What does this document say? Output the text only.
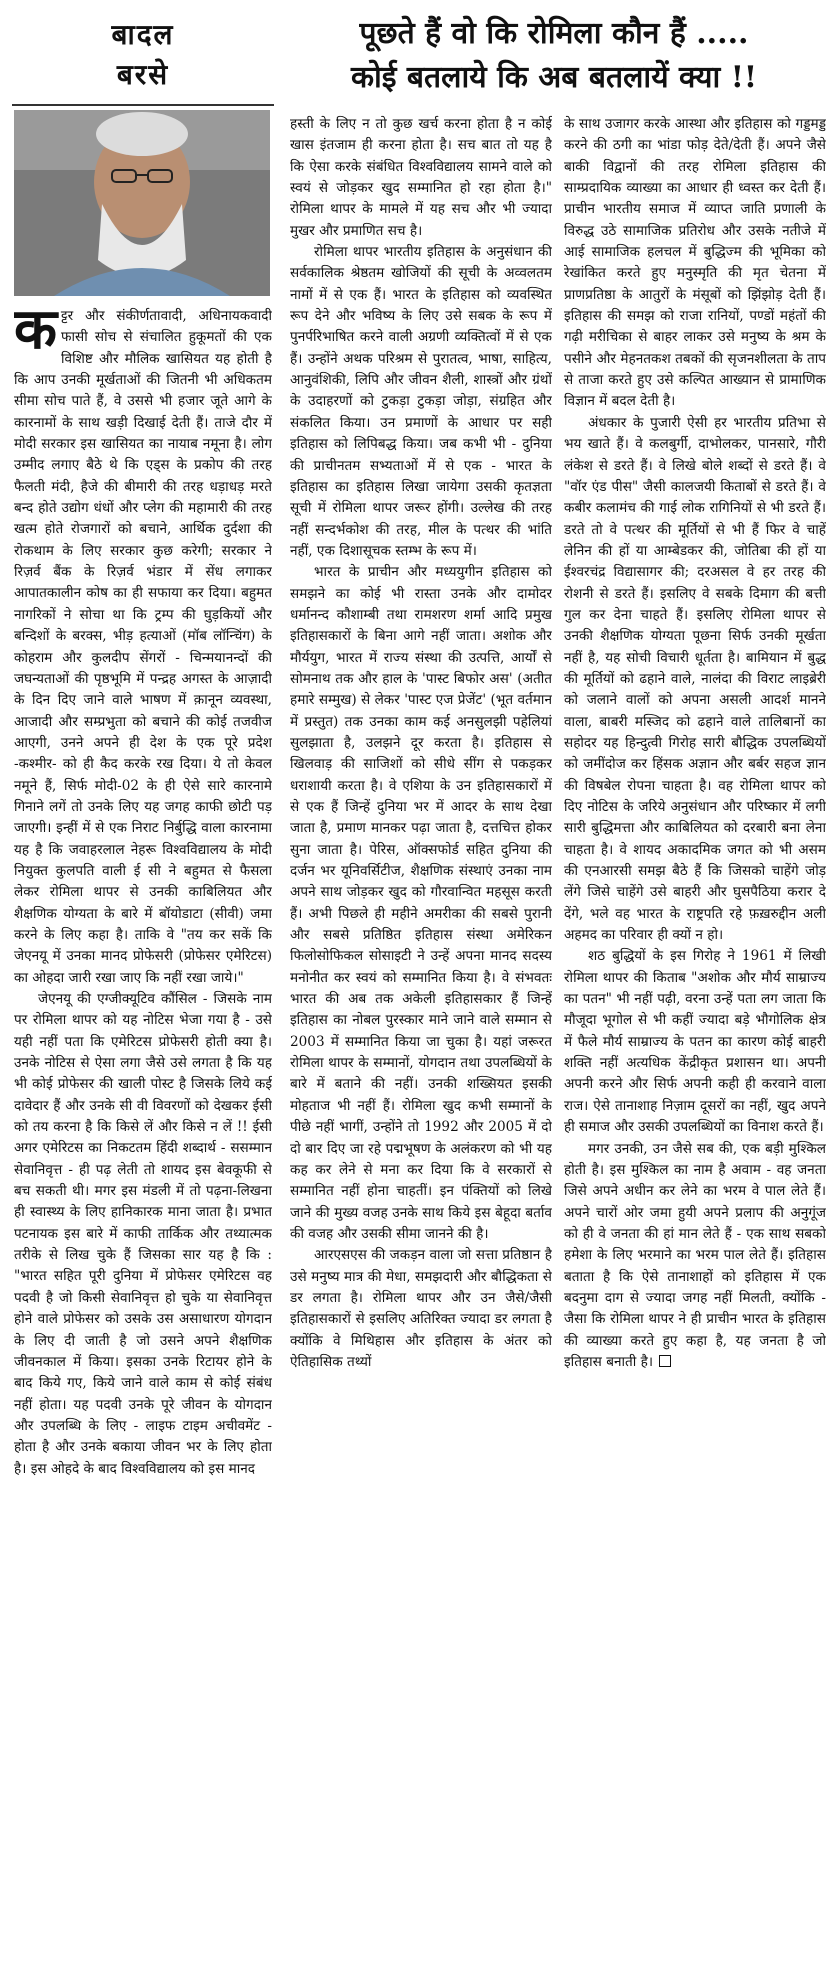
बादल
बरसे
पूछते हैं वो कि रोमिला कौन हैं .....
कोई बतलाये कि अब बतलायें क्या !!

कट्टर और संकीर्णतावादी, अधिनायकवादी फासी सोच से संचालित हुकूमतों की एक विशिष्ट और मौलिक खासियत यह होती है कि आप उनकी मूर्खताओं की जितनी भी अधिकतम सीमा सोच पाते हैं, वे उससे भी हजार जूते आगे के कारनामों के साथ खड़ी दिखाई देती हैं। ताजे दौर में मोदी सरकार इस खासियत का नायाब नमूना है। लोग उम्मीद लगाए बैठे थे कि एड्स के प्रकोप की तरह फैलती मंदी, हैजे की बीमारी की तरह धड़ाधड़ मरते बन्द होते उद्योग धंधों और प्लेग की महामारी की तरह खत्म होते रोजगारों को बचाने, आर्थिक दुर्दशा की रोकथाम के लिए सरकार कुछ करेगी; सरकार ने रिज़र्व बैंक के रिज़र्व भंडार में सेंध लगाकर आपातकालीन कोष का ही सफाया कर दिया। बहुमत नागरिकों ने सोचा था कि ट्रम्प की घुड़कियों और बन्दिशों के बरक्स, भीड़ हत्याओं (मॉब लॉन्चिंग) के कोहराम और कुलदीप सेंगरों - चिन्मयानन्दों की जघन्यताओं की पृष्ठभूमि में पन्द्रह अगस्त के आज़ादी के दिन दिए जाने वाले भाषण में क़ानून व्यवस्था, आजादी और सम्प्रभुता को बचाने की कोई तजवीज आएगी, उनने अपने ही देश के एक पूरे प्रदेश -कश्मीर- को ही कैद करके रख दिया। ये तो केवल नमूने हैं, सिर्फ मोदी-02 के ही ऐसे सारे कारनामे गिनाने लगें तो उनके लिए यह जगह काफी छोटी पड़ जाएगी। इन्हीं में से एक निराट निर्बुद्धि वाला कारनामा यह है कि जवाहरलाल नेहरू विश्वविद्यालय के मोदी नियुक्त कुलपति वाली ई सी ने बहुमत से फैसला लेकर रोमिला थापर से उनकी काबिलियत और शैक्षणिक योग्यता के बारे में बॉयोडाटा (सीवी) जमा करने के लिए कहा है। ताकि वे "तय कर सकें कि जेएनयू में उनका मानद प्रोफेसरी (प्रोफेसर एमेरिटस) का ओहदा जारी रखा जाए कि नहीं रखा जाये।"

जेएनयू की एग्जीक्यूटिव कौंसिल - जिसके नाम पर रोमिला थापर को यह नोटिस भेजा गया है - उसे यही नहीं पता कि एमेरिटस प्रोफेसरी होती क्या है। उनके नोटिस से ऐसा लगा जैसे उसे लगता है कि यह भी कोई प्रोफेसर की खाली पोस्ट है जिसके लिये कई दावेदार हैं और उनके सी वी विवरणों को देखकर ईसी को तय करना है कि किसे लें और किसे न लें !! ईसी अगर एमेरिटस का निकटतम हिंदी शब्दार्थ - ससम्मान सेवानिवृत्त - ही पढ़ लेती तो शायद इस बेवकूफी से बच सकती थी। मगर इस मंडली में तो पढ़ना-लिखना ही स्वास्थ्य के लिए हानिकारक माना जाता है। प्रभात पटनायक इस बारे में काफी तार्किक और तथ्यात्मक तरीके से लिख चुके हैं जिसका सार यह है कि : "भारत सहित पूरी दुनिया में प्रोफेसर एमेरिटस वह पदवी है जो किसी सेवानिवृत्त हो चुके या सेवानिवृत्त होने वाले प्रोफेसर को उसके उस असाधारण योगदान के लिए दी जाती है जो उसने अपने शैक्षणिक जीवनकाल में किया। इसका उनके रिटायर होने के बाद किये गए, किये जाने वाले काम से कोई संबंध नहीं होता। यह पदवी उनके पूरे जीवन के योगदान और उपलब्धि के लिए - लाइफ टाइम अचीवमेंट - होता है और उनके बकाया जीवन भर के लिए होता है। इस ओहदे के बाद विश्वविद्यालय को इस मानद

हस्ती के लिए न तो कुछ खर्च करना होता है न कोई खास इंतजाम ही करना होता है। सच बात तो यह है कि ऐसा करके संबंधित विश्वविद्यालय सामने वाले को स्वयं से जोड़कर खुद सम्मानित हो रहा होता है।" रोमिला थापर के मामले में यह सच और भी ज्यादा मुखर और प्रमाणित सच है।

रोमिला थापर भारतीय इतिहास के अनुसंधान की सर्वकालिक श्रेष्ठतम खोजियों की सूची के अव्वलतम नामों में से एक हैं। भारत के इतिहास को व्यवस्थित रूप देने और भविष्य के लिए उसे सबक के रूप में पुनर्परिभाषित करने वाली अग्रणी व्यक्तित्वों में से एक हैं। उन्होंने अथक परिश्रम से पुरातत्व, भाषा, साहित्य, आनुवंशिकी, लिपि और जीवन शैली, शास्त्रों और ग्रंथों के उदाहरणों को टुकड़ा टुकड़ा जोड़ा, संग्रहित और संकलित किया। उन प्रमाणों के आधार पर सही इतिहास को लिपिबद्ध किया। जब कभी भी - दुनिया की प्राचीनतम सभ्यताओं में से एक - भारत के इतिहास का इतिहास लिखा जायेगा उसकी कृतज्ञता सूची में रोमिला थापर जरूर होंगी। उल्लेख की तरह नहीं सन्दर्भकोश की तरह, मील के पत्थर की भांति नहीं, एक दिशासूचक स्तम्भ के रूप में।

भारत के प्राचीन और मध्ययुगीन इतिहास को समझने का कोई भी रास्ता उनके और दामोदर धर्मानन्द कौशाम्बी तथा रामशरण शर्मा आदि प्रमुख इतिहासकारों के बिना आगे नहीं जाता। अशोक और मौर्ययुग, भारत में राज्य संस्था की उत्पत्ति, आर्यों से सोमनाथ तक और हाल के 'पास्ट बिफोर अस' (अतीत हमारे सम्मुख) से लेकर 'पास्ट एज प्रेजेंट' (भूत वर्तमान में प्रस्तुत) तक उनका काम कई अनसुलझी पहेलियां सुलझाता है, उलझने दूर करता है। इतिहास से खिलवाड़ की साजिशों को सीधे सींग से पकड़कर धराशायी करता है। वे एशिया के उन इतिहासकारों में से एक हैं जिन्हें दुनिया भर में आदर के साथ देखा जाता है, प्रमाण मानकर पढ़ा जाता है, दत्तचित्त होकर सुना जाता है। पेरिस, ऑक्सफोर्ड सहित दुनिया की दर्जन भर यूनिवर्सिटीज, शैक्षणिक संस्थाएं उनका नाम अपने साथ जोड़कर खुद को गौरवान्वित महसूस करती हैं। अभी पिछले ही महीने अमरीका की सबसे पुरानी और सबसे प्रतिष्ठित इतिहास संस्था अमेरिकन फिलोसोफिकल सोसाइटी ने उन्हें अपना मानद सदस्य मनोनीत कर स्वयं को सम्मानित किया है। वे संभवतः भारत की अब तक अकेली इतिहासकार हैं जिन्हें इतिहास का नोबल पुरस्कार माने जाने वाले सम्मान से 2003 में सम्मानित किया जा चुका है। यहां जरूरत रोमिला थापर के सम्मानों, योगदान तथा उपलब्धियों के बारे में बताने की नहीं। उनकी शख्सियत इसकी मोहताज भी नहीं हैं। रोमिला खुद कभी सम्मानों के पीछे नहीं भागीं, उन्होंने तो 1992 और 2005 में दो दो बार दिए जा रहे पद्मभूषण के अलंकरण को भी यह कह कर लेने से मना कर दिया कि वे सरकारों से सम्मानित नहीं होना चाहतीं। इन पंक्तियों को लिखे जाने की मुख्य वजह उनके साथ किये इस बेहूदा बर्ताव की वजह और उसकी सीमा जानने की है।

आरएसएस की जकड़न वाला जो सत्ता प्रतिष्ठान है उसे मनुष्य मात्र की मेधा, समझदारी और बौद्धिकता से डर लगता है। रोमिला थापर और उन जैसे/जैसी इतिहासकारों से इसलिए अतिरिक्त ज्यादा डर लगता है क्योंकि वे मिथिहास और इतिहास के अंतर को ऐतिहासिक तथ्यों

के साथ उजागर करके आस्था और इतिहास को गड्डमड्ड करने की ठगी का भांडा फोड़ देते/देती हैं। अपने जैसे बाकी विद्वानों की तरह रोमिला इतिहास की साम्प्रदायिक व्याख्या का आधार ही ध्वस्त कर देती हैं। प्राचीन भारतीय समाज में व्याप्त जाति प्रणाली के विरुद्ध उठे सामाजिक प्रतिरोध और उसके नतीजे में आई सामाजिक हलचल में बुद्धिज्म की भूमिका को रेखांकित करते हुए मनुस्मृति की मृत चेतना में प्राणप्रतिष्ठा के आतुरों के मंसूबों को झिंझोड़ देती हैं। इतिहास की समझ को राजा रानियों, पण्डों महंतों की गढ़ी मरीचिका से बाहर लाकर उसे मनुष्य के श्रम के पसीने और मेहनतकश तबकों की सृजनशीलता के ताप से ताजा करते हुए उसे कल्पित आख्यान से प्रामाणिक विज्ञान में बदल देती है।

अंधकार के पुजारी ऐसी हर भारतीय प्रतिभा से भय खाते हैं। वे कलबुर्गी, दाभोलकर, पानसारे, गौरी लंकेश से डरते हैं। वे लिखे बोले शब्दों से डरते हैं। वे "वॉर एंड पीस" जैसी कालजयी किताबों से डरते हैं। वे कबीर कलामंच की गाई लोक रागिनियों से भी डरते हैं। डरते तो वे पत्थर की मूर्तियों से भी हैं फिर वे चाहें लेनिन की हों या आम्बेडकर की, जोतिबा की हों या ईश्वरचंद्र विद्यासागर की; दरअसल वे हर तरह की रोशनी से डरते हैं। इसलिए वे सबके दिमाग की बत्ती गुल कर देना चाहते हैं। इसलिए रोमिला थापर से उनकी शैक्षणिक योग्यता पूछना सिर्फ उनकी मूर्खता नहीं है, यह सोची विचारी धूर्तता है। बामियान में बुद्ध की मूर्तियों को ढहाने वाले, नालंदा की विराट लाइब्रेरी को जलाने वालों को अपना असली आदर्श मानने वाला, बाबरी मस्जिद को ढहाने वाले तालिबानों का सहोदर यह हिन्दुत्वी गिरोह सारी बौद्धिक उपलब्धियों को जमींदोज कर हिंसक अज्ञान और बर्बर सहज ज्ञान की विषबेल रोपना चाहता है। वह रोमिला थापर को दिए नोटिस के जरिये अनुसंधान और परिष्कार में लगी सारी बुद्धिमत्ता और काबिलियत को दरबारी बना लेना चाहता है। वे शायद अकादमिक जगत को भी असम की एनआरसी समझ बैठे हैं कि जिसको चाहेंगे जोड़ लेंगे जिसे चाहेंगे उसे बाहरी और घुसपैठिया करार दे देंगे, भले वह भारत के राष्ट्रपति रहे फ़ख़रुद्दीन अली अहमद का परिवार ही क्यों न हो।

शठ बुद्धियों के इस गिरोह ने 1961 में लिखी रोमिला थापर की किताब "अशोक और मौर्य साम्राज्य का पतन" भी नहीं पढ़ी, वरना उन्हें पता लग जाता कि मौजूदा भूगोल से भी कहीं ज्यादा बड़े भौगोलिक क्षेत्र में फैले मौर्य साम्राज्य के पतन का कारण कोई बाहरी शक्ति नहीं अत्यधिक केंद्रीकृत प्रशासन था। अपनी अपनी करने और सिर्फ अपनी कही ही करवाने वाला राज। ऐसे तानाशाह निज़ाम दूसरों का नहीं, खुद अपने ही समाज और उसकी उपलब्धियों का विनाश करते हैं।

मगर उनकी, उन जैसे सब की, एक बड़ी मुश्किल होती है। इस मुश्किल का नाम है अवाम - वह जनता जिसे अपने अधीन कर लेने का भरम वे पाल लेते हैं। अपने चारों ओर जमा हुयी अपने प्रलाप की अनुगूंज को ही वे जनता की हां मान लेते हैं - एक साथ सबको हमेशा के लिए भरमाने का भरम पाल लेते हैं। इतिहास बताता है कि ऐसे तानाशाहों को इतिहास में एक बदनुमा दाग से ज्यादा जगह नहीं मिलती, क्योंकि - जैसा कि रोमिला थापर ने ही प्राचीन भारत के इतिहास की व्याख्या करते हुए कहा है, यह जनता है जो इतिहास बनाती है।
